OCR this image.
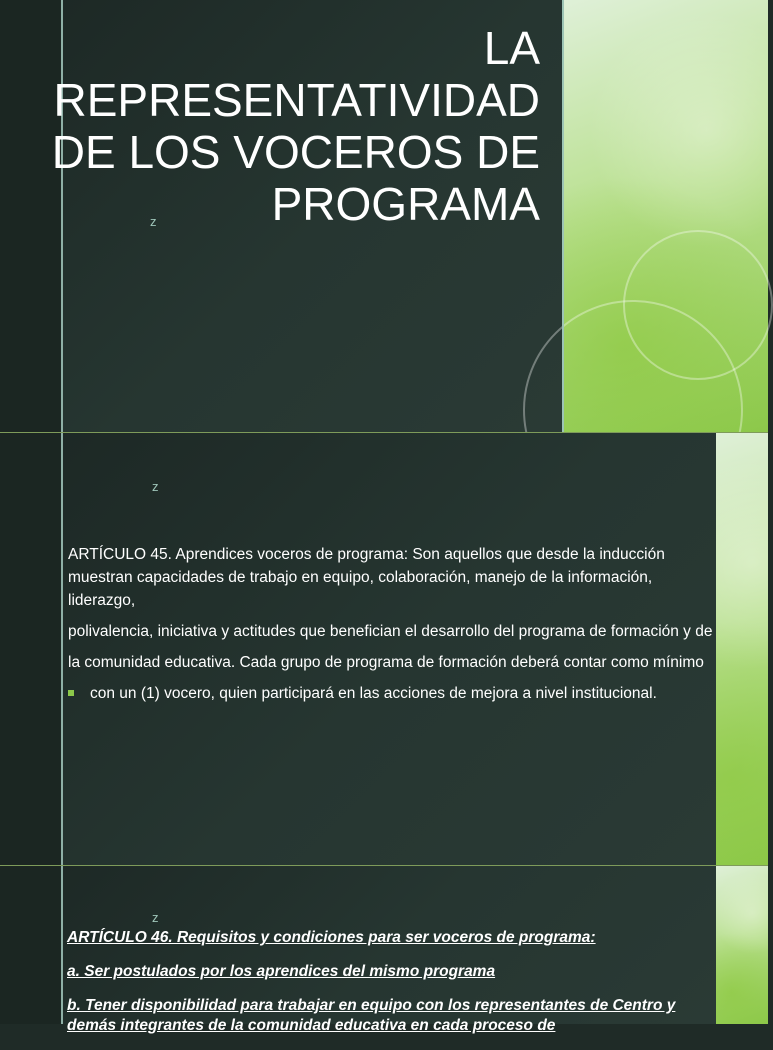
LA REPRESENTATIVIDAD DE LOS VOCEROS DE PROGRAMA
z
z

ARTÍCULO 45. Aprendices voceros de programa: Son aquellos que desde la inducción muestran capacidades de trabajo en equipo, colaboración, manejo de la información, liderazgo,

polivalencia, iniciativa y actitudes que benefician el desarrollo del programa de formación y de

la comunidad educativa. Cada grupo de programa de formación deberá contar como mínimo

con un (1) vocero, quien participará en las acciones de mejora a nivel institucional.
z

ARTÍCULO 46. Requisitos y condiciones para ser voceros de programa:

a. Ser postulados por los aprendices del mismo programa

b. Tener disponibilidad para trabajar en equipo con los representantes de Centro y demás integrantes de la comunidad educativa en cada proceso de
